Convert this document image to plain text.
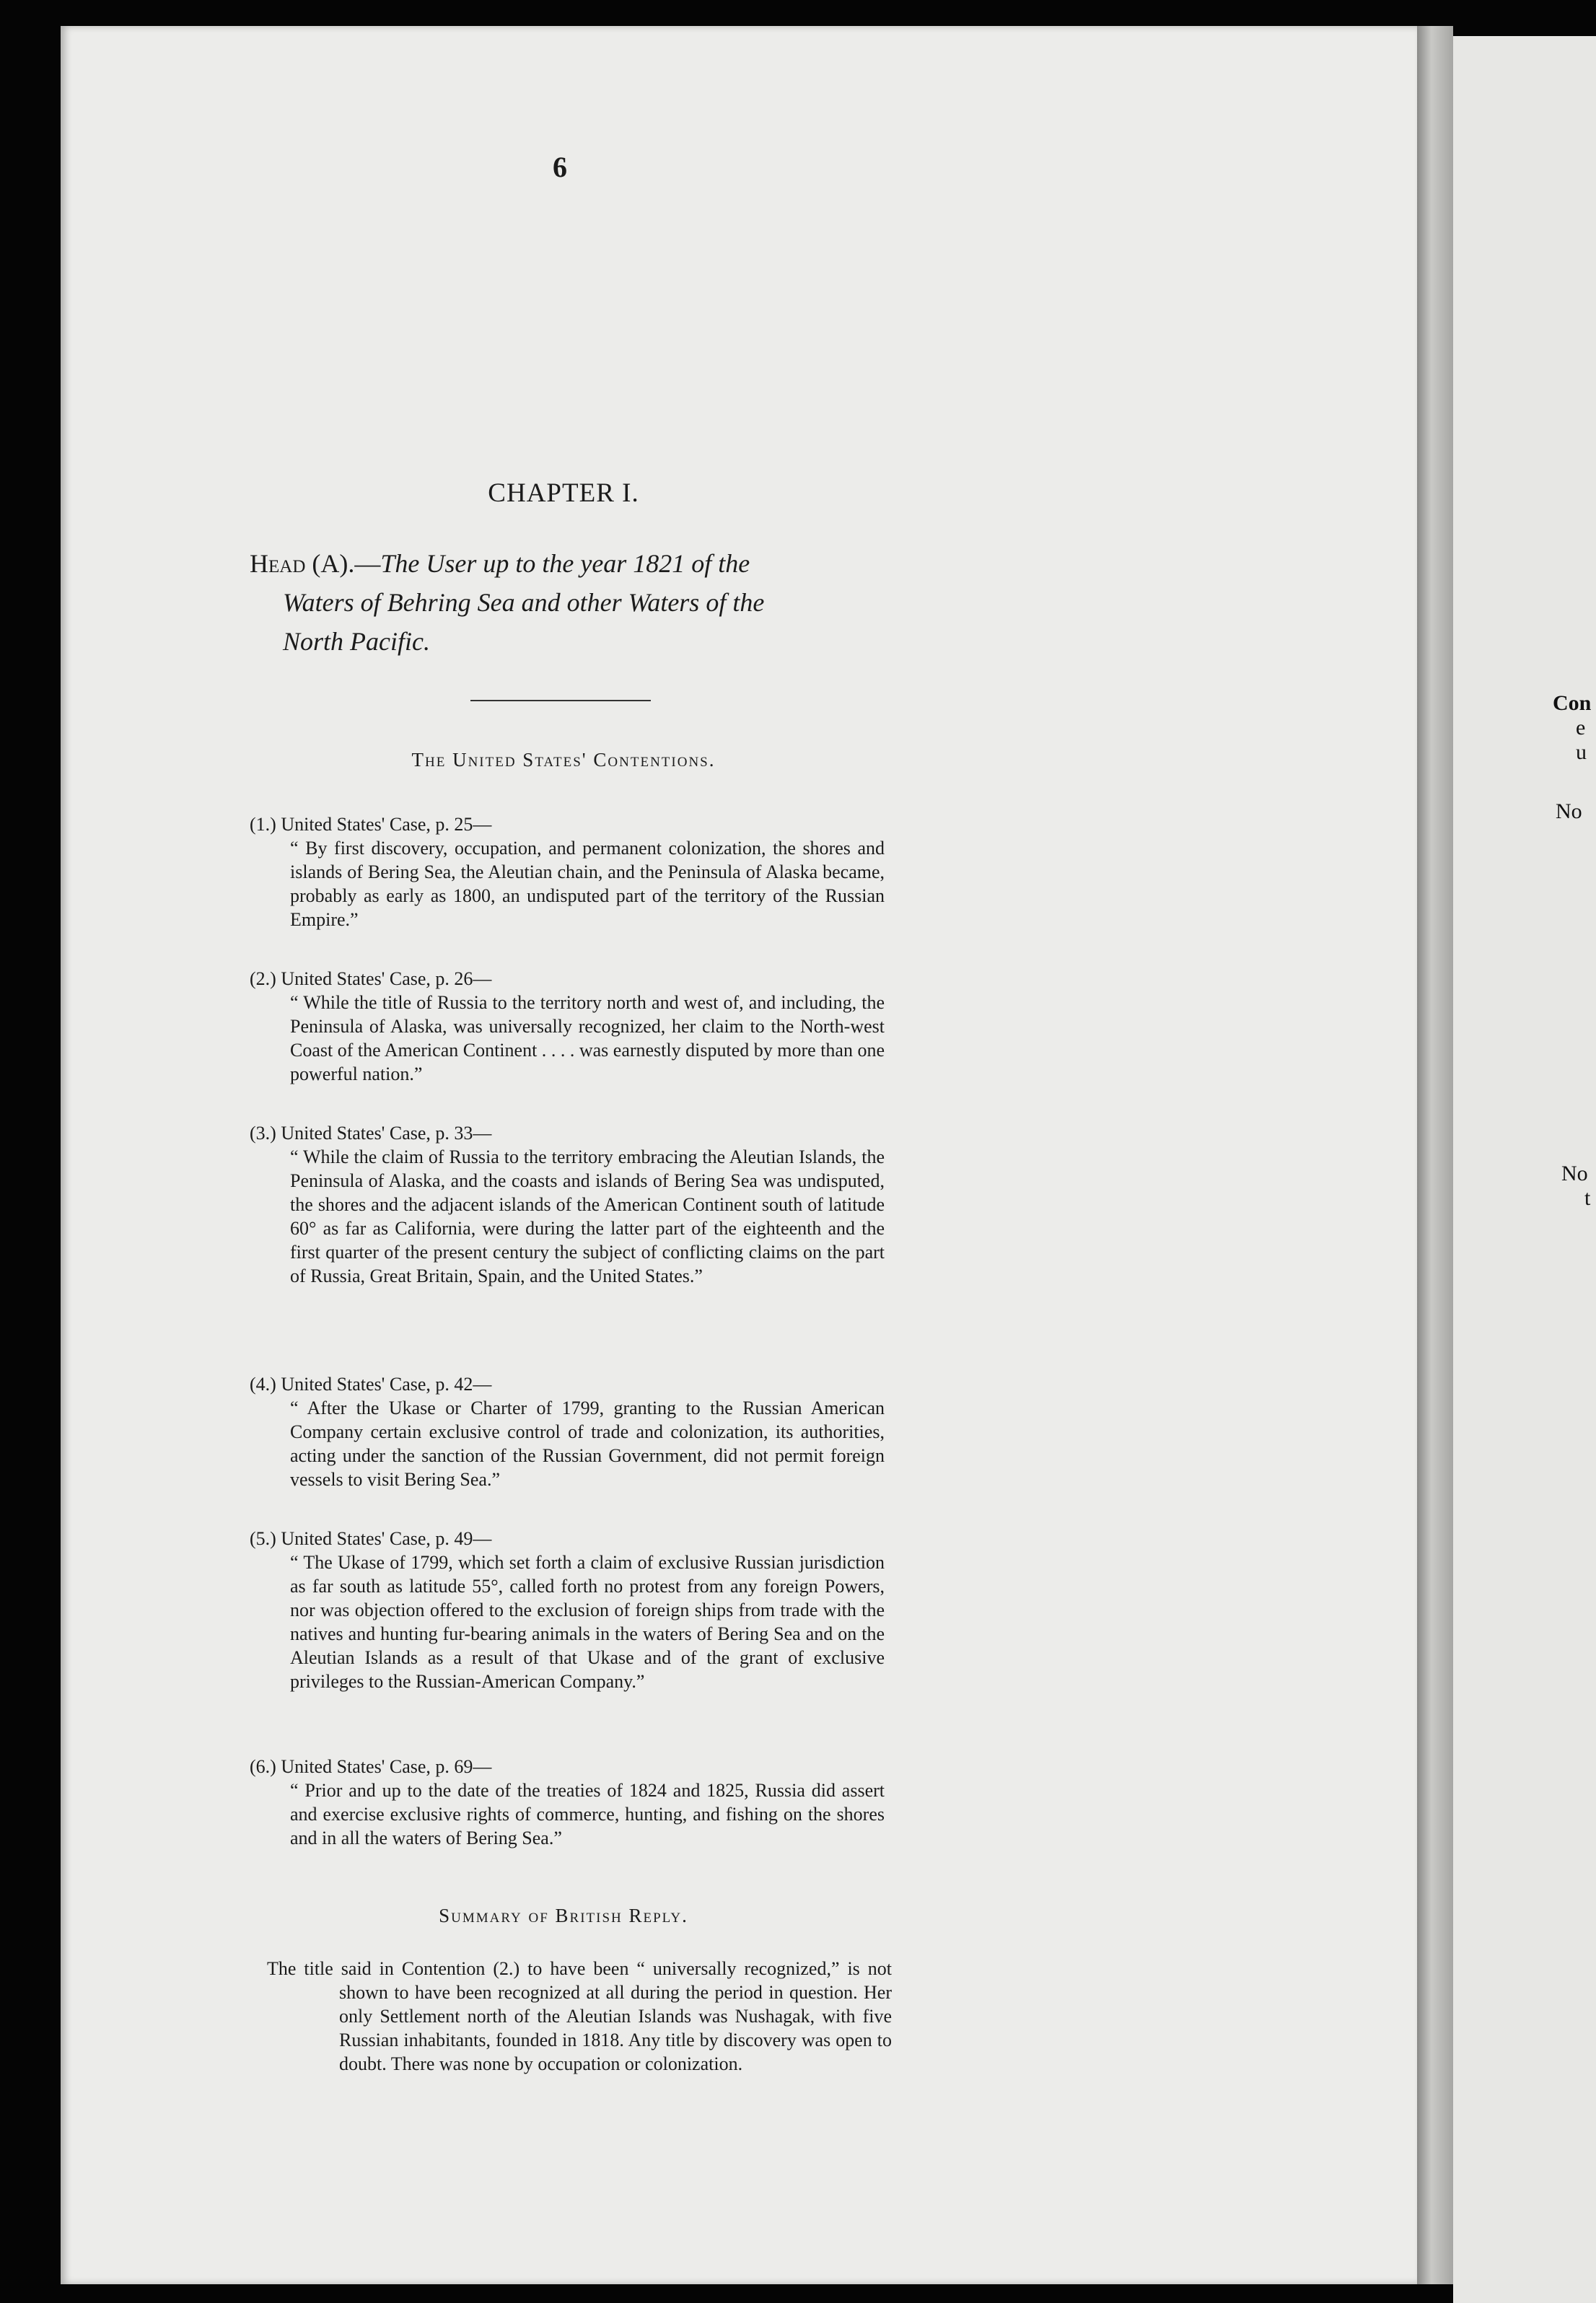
6
CHAPTER I.
Head (A).—The User up to the year 1821 of the
Waters of Behring Sea and other Waters of the
North Pacific.
The United States' Contentions.
(1.) United States' Case, p. 25—
“ By first discovery, occupation, and permanent colonization, the shores and islands of Bering Sea, the Aleutian chain, and the Peninsula of Alaska became, probably as early as 1800, an undisputed part of the territory of the Russian Empire.”
(2.) United States' Case, p. 26—
“ While the title of Russia to the territory north and west of, and including, the Peninsula of Alaska, was universally recognized, her claim to the North-west Coast of the American Continent . . . . was earnestly disputed by more than one powerful nation.”
(3.) United States' Case, p. 33—
“ While the claim of Russia to the territory embracing the Aleutian Islands, the Peninsula of Alaska, and the coasts and islands of Bering Sea was undisputed, the shores and the adjacent islands of the American Continent south of latitude 60° as far as California, were during the latter part of the eighteenth and the first quarter of the present century the subject of conflicting claims on the part of Russia, Great Britain, Spain, and the United States.”
(4.) United States' Case, p. 42—
“ After the Ukase or Charter of 1799, granting to the Russian American Company certain exclusive control of trade and colonization, its authorities, acting under the sanction of the Russian Government, did not permit foreign vessels to visit Bering Sea.”
(5.) United States' Case, p. 49—
“ The Ukase of 1799, which set forth a claim of exclusive Russian jurisdiction as far south as latitude 55°, called forth no protest from any foreign Powers, nor was objection offered to the exclusion of foreign ships from trade with the natives and hunting fur-bearing animals in the waters of Bering Sea and on the Aleutian Islands as a result of that Ukase and of the grant of exclusive privileges to the Russian-American Company.”
(6.) United States' Case, p. 69—
“ Prior and up to the date of the treaties of 1824 and 1825, Russia did assert and exercise exclusive rights of commerce, hunting, and fishing on the shores and in all the waters of Bering Sea.”
Summary of British Reply.
The title said in Contention (2.) to have been “ universally recognized,” is not shown to have been recognized at all during the period in question. Her only Settlement north of the Aleutian Islands was Nushagak, with five Russian inhabitants, founded in 1818. Any title by discovery was open to doubt. There was none by occupation or colonization.
Con
e
u
No
No
t
